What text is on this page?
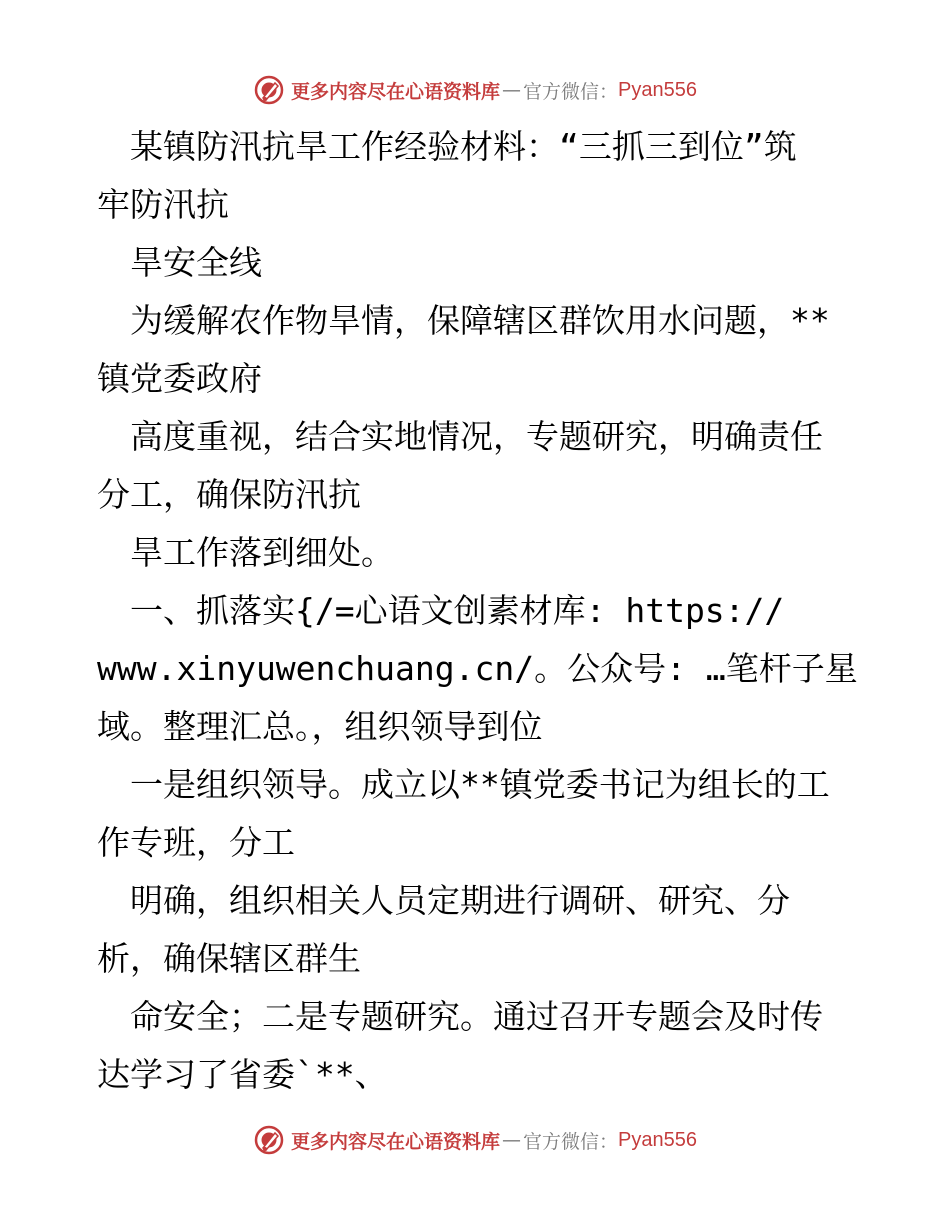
更多内容尽在心语资料库 — 官方微信： Pyan556
　某镇防汛抗旱工作经验材料：“三抓三到位”筑
牢防汛抗
　旱安全线
　为缓解农作物旱情，保障辖区群饮用水问题，**
镇党委政府
　高度重视，结合实地情况，专题研究，明确责任
分工，确保防汛抗
　旱工作落到细处。
　一、抓落实{/=心语文创素材库: https://
www.xinyuwenchuang.cn/。公众号: …笔杆子星
域。整理汇总。，组织领导到位
　一是组织领导。成立以**镇党委书记为组长的工
作专班，分工
　明确，组织相关人员定期进行调研、研究、分
析，确保辖区群生
　命安全；二是专题研究。通过召开专题会及时传
达学习了省委`**、
更多内容尽在心语资料库 — 官方微信： Pyan556
